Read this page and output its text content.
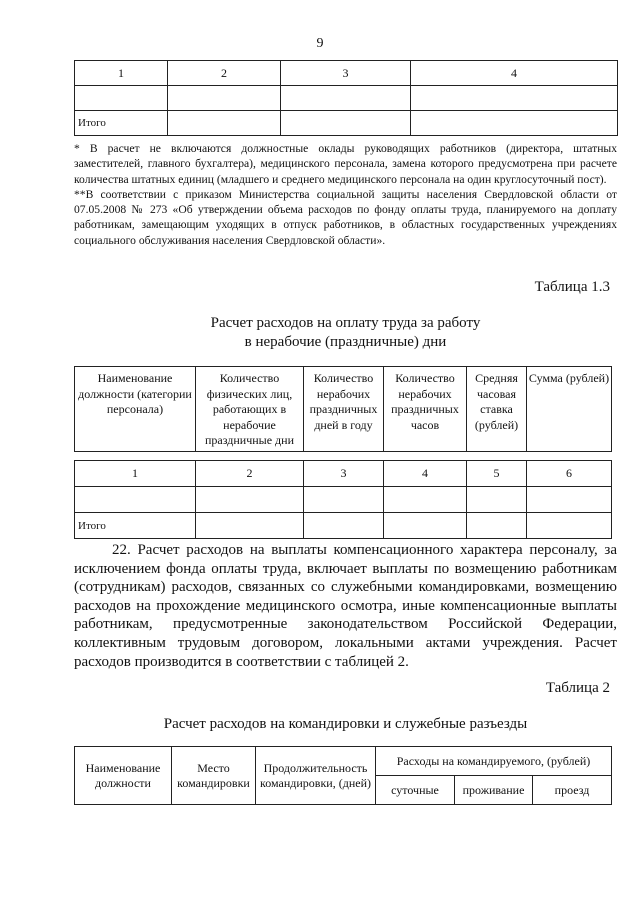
9
1	2	3	4

Итого			

* В расчет не включаются должностные оклады руководящих работников (директора, штатных заместителей, главного бухгалтера), медицинского персонала, замена которого предусмотрена при расчете количества штатных единиц (младшего и среднего медицинского персонала на один круглосуточный пост).

**В соответствии с приказом Министерства социальной защиты населения Свердловской области от 07.05.2008 № 273 «Об утверждении объема расходов по фонду оплаты труда, планируемого на доплату работникам, замещающим уходящих в отпуск работников, в областных государственных учреждениях социального обслуживания населения Свердловской области».

Таблица 1.3
Расчет расходов на оплату труда за работу
в нерабочие (праздничные) дни
Наименование должности (категории персонала)	Количество физических лиц, работающих в нерабочие праздничные дни	Количество нерабочих праздничных дней в году	Количество нерабочих праздничных часов	Средняя часовая ставка (рублей)	Сумма (рублей)
1	2	3	4	5	6

Итого					

22. Расчет расходов на выплаты компенсационного характера персоналу, за исключением фонда оплаты труда, включает выплаты по возмещению работникам (сотрудникам) расходов, связанных со служебными командировками, возмещению расходов на прохождение медицинского осмотра, иные компенсационные выплаты работникам, предусмотренные законодательством Российской Федерации, коллективным трудовым договором, локальными актами учреждения. Расчет расходов производится в соответствии с таблицей 2.

Таблица 2
Расчет расходов на командировки и служебные разъезды
Наименование должности	Место командировки	Продолжительность командировки, (дней)	Расходы на командируемого, (рублей)		
			суточные	проживание	проезд
